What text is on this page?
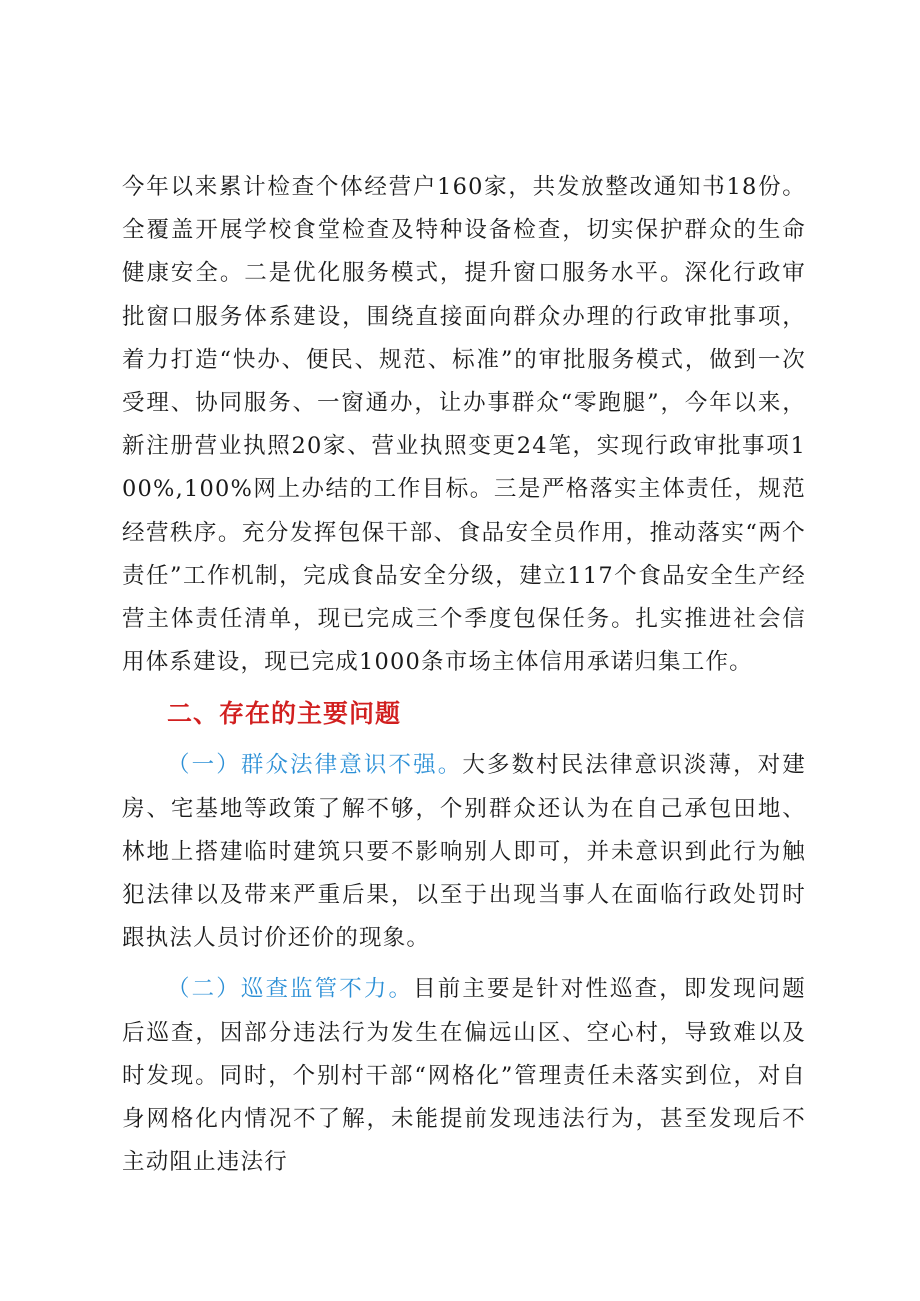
今年以来累计检查个体经营户160家，共发放整改通知书18份。全覆盖开展学校食堂检查及特种设备检查，切实保护群众的生命健康安全。二是优化服务模式，提升窗口服务水平。深化行政审批窗口服务体系建设，围绕直接面向群众办理的行政审批事项，着力打造“快办、便民、规范、标准”的审批服务模式，做到一次受理、协同服务、一窗通办，让办事群众“零跑腿”，今年以来，新注册营业执照20家、营业执照变更24笔，实现行政审批事项100%,100%网上办结的工作目标。三是严格落实主体责任，规范经营秩序。充分发挥包保干部、食品安全员作用，推动落实“两个责任”工作机制，完成食品安全分级，建立117个食品安全生产经营主体责任清单，现已完成三个季度包保任务。扎实推进社会信用体系建设，现已完成1000条市场主体信用承诺归集工作。

二、存在的主要问题

（一）群众法律意识不强。大多数村民法律意识淡薄，对建房、宅基地等政策了解不够，个别群众还认为在自己承包田地、林地上搭建临时建筑只要不影响别人即可，并未意识到此行为触犯法律以及带来严重后果，以至于出现当事人在面临行政处罚时跟执法人员讨价还价的现象。

（二）巡查监管不力。目前主要是针对性巡查，即发现问题后巡查，因部分违法行为发生在偏远山区、空心村，导致难以及时发现。同时，个别村干部“网格化”管理责任未落实到位，对自身网格化内情况不了解，未能提前发现违法行为，甚至发现后不主动阻止违法行
